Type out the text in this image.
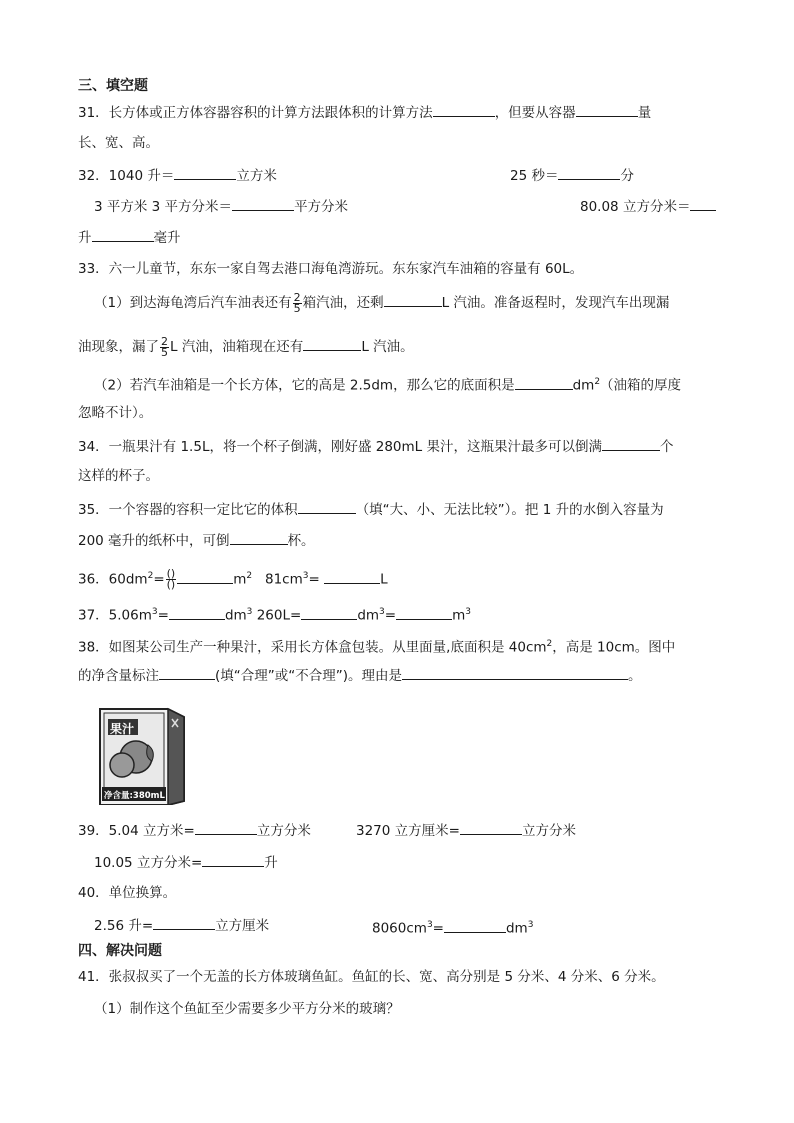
三、填空题
31．长方体或正方体容器容积的计算方法跟体积的计算方法	，但要从容器	量
长、宽、高。
32．1040 升＝	立方米	25 秒＝	分
3 平方米 3 平方分米＝	平方分米	80.08 立方分米＝
升	毫升
33．六一儿童节，东东一家自驾去港口海龟湾游玩。东东家汽车油箱的容量有 60L。
（1）到达海龟湾后汽车油表还有 $\frac{2}{5}$ 箱汽油，还剩	L 汽油。准备返程时，发现汽车出现漏
油现象，漏了 $\frac{2}{5}$ L 汽油，油箱现在还有	L 汽油。
（2）若汽车油箱是一个长方体，它的高是 2.5dm，那么它的底面积是	$dm^2$（油箱的厚度
忽略不计）。
34．一瓶果汁有 1.5L，将一个杯子倒满，刚好盛 280mL 果汁，这瓶果汁最多可以倒满	个
这样的杯子。
35．一个容器的容积一定比它的体积	（填“大、小、无法比较”）。把 1 升的水倒入容量为
200 毫升的纸杯中，可倒	杯。
36．$60dm^2= \frac{()}{()}$	$m^2$ $81cm^3=$	L
37．$5.06m^3=$	$dm^3$ 260L=	$dm^3=$	$m^3$
38．如图某公司生产一种果汁，采用长方体盒包装。从里面量,底面积是 $40cm^2$，高是 10cm。图中
的净含量标注	(填“合理”或“不合理”)。理由是	。
果汁
净含量:380mL
39．5.04 立方米=	立方分米	3270 立方厘米=	立方分米
10.05 立方分米=	升
40．单位换算。
2.56 升=	立方厘米	$8060cm^3=$	$dm^3$
四、解决问题
41．张叔叔买了一个无盖的长方体玻璃鱼缸。鱼缸的长、宽、高分别是 5 分米、4 分米、6 分米。
（1）制作这个鱼缸至少需要多少平方分米的玻璃？
